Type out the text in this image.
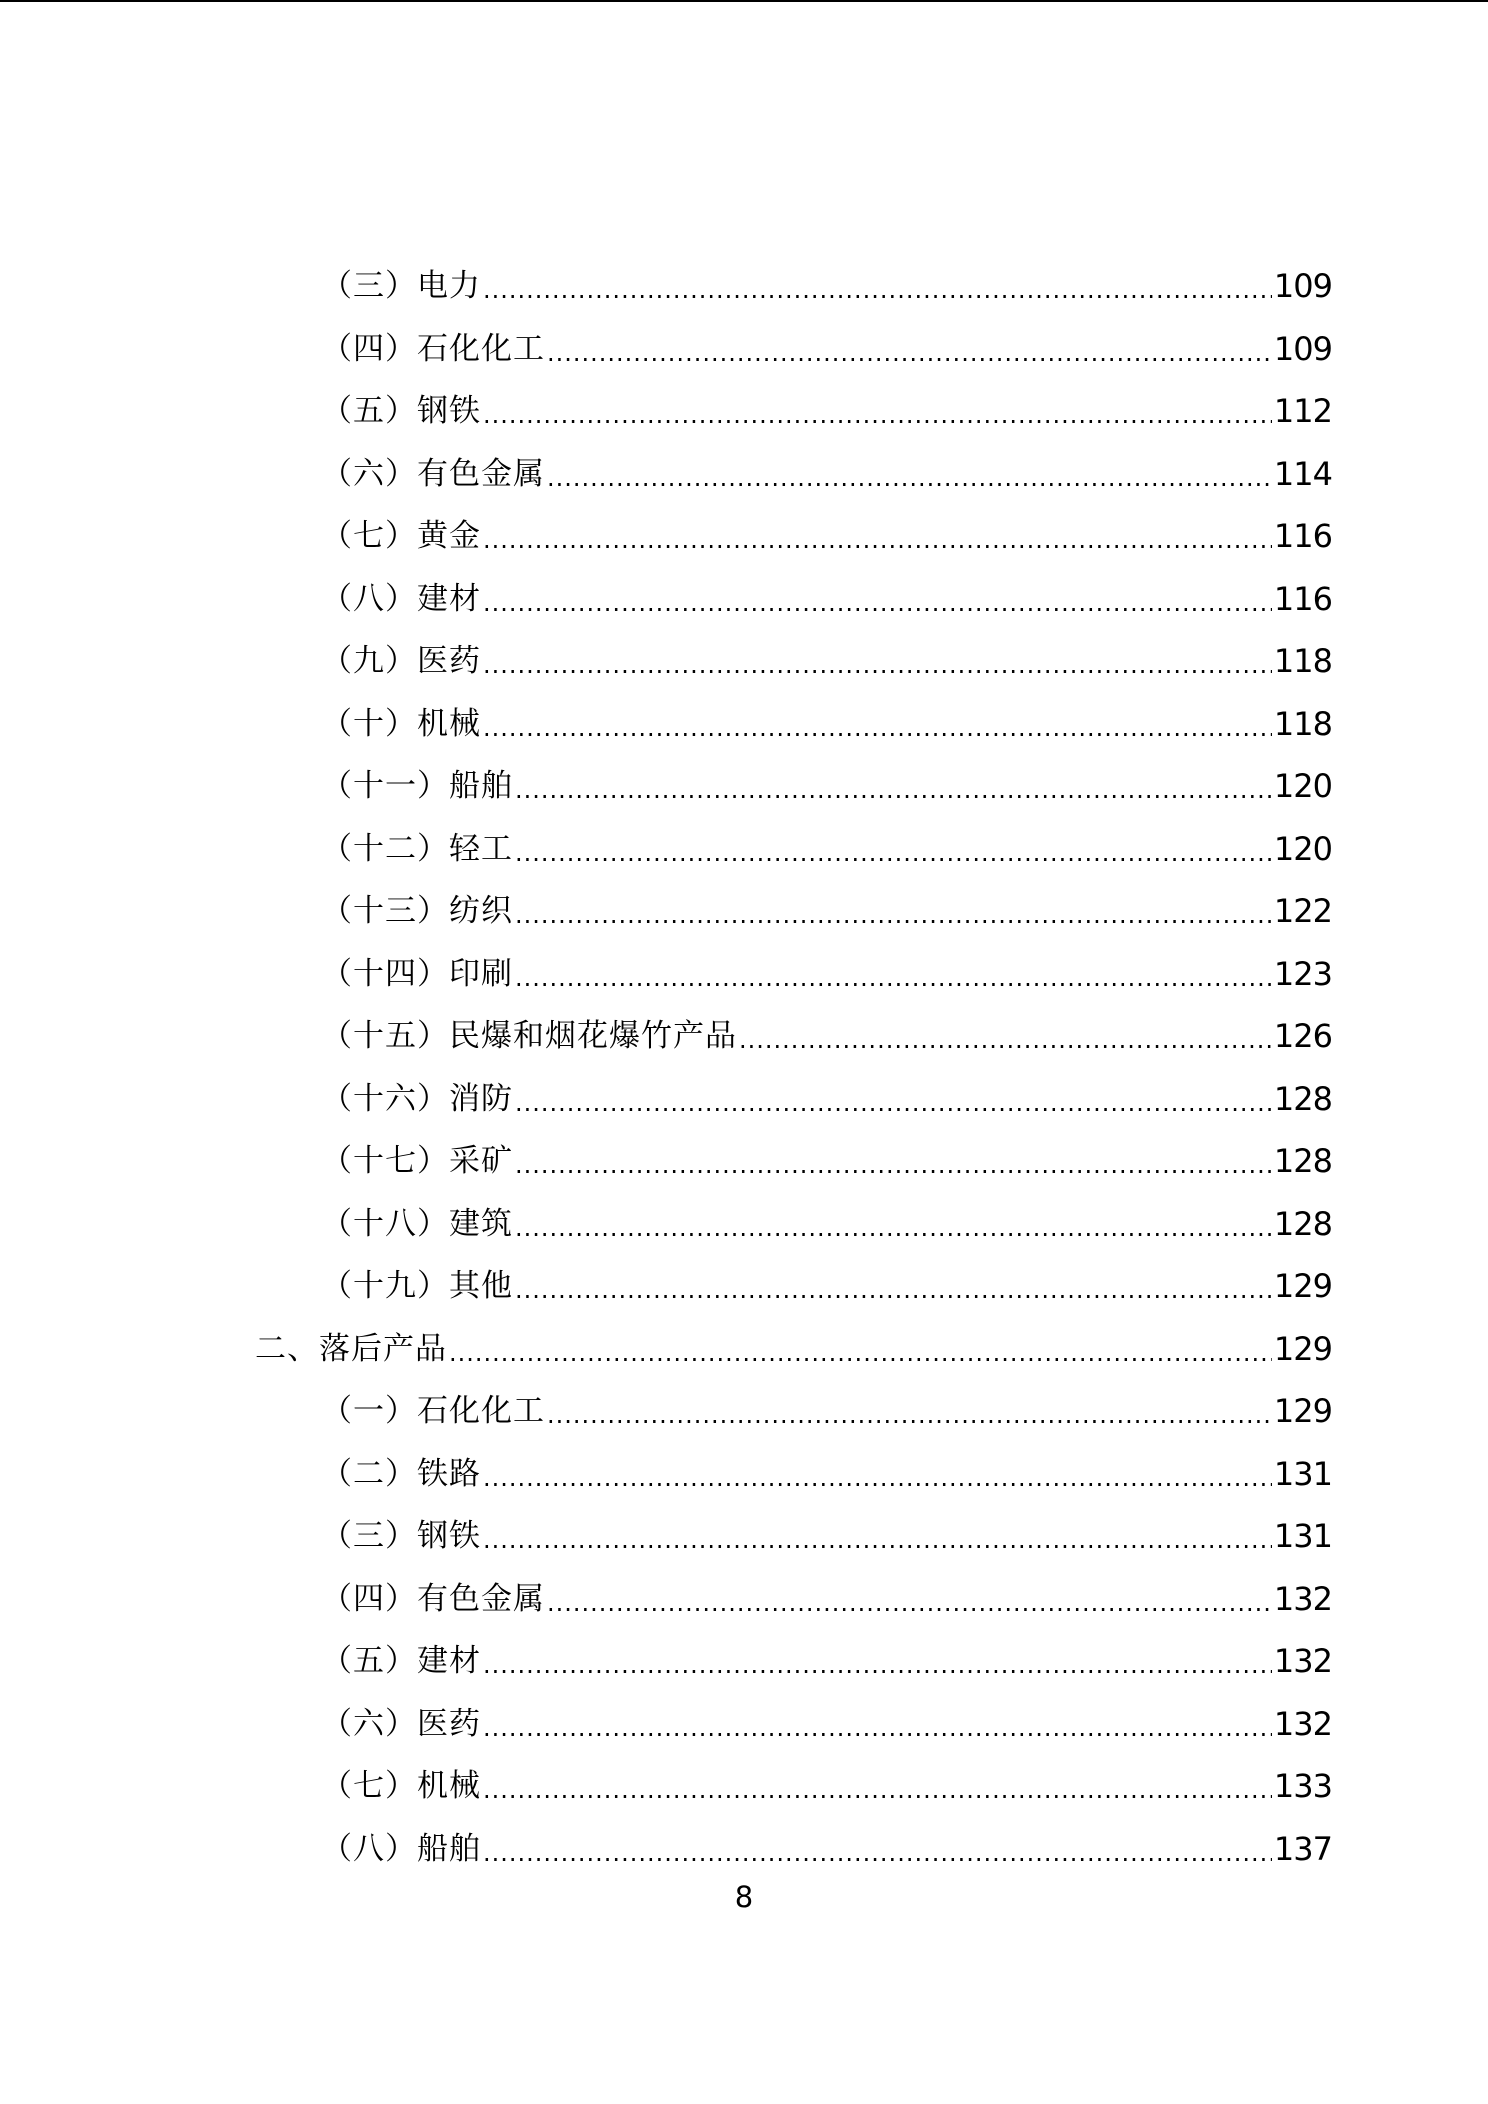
（三）电力 .....	109
（四）石化化工 .....	109
（五）钢铁 .....	112
（六）有色金属 .....	114
（七）黄金 .....	116
（八）建材 .....	116
（九）医药 .....	118
（十）机械 .....	118
（十一）船舶 .....	120
（十二）轻工 .....	120
（十三）纺织 .....	122
（十四）印刷 .....	123
（十五）民爆和烟花爆竹产品 .....	126
（十六）消防 .....	128
（十七）采矿 .....	128
（十八）建筑 .....	128
（十九）其他 .....	129
二、落后产品 .....	129
（一）石化化工 .....	129
（二）铁路 .....	131
（三）钢铁 .....	131
（四）有色金属 .....	132
（五）建材 .....	132
（六）医药 .....	132
（七）机械 .....	133
（八）船舶 .....	137
8
